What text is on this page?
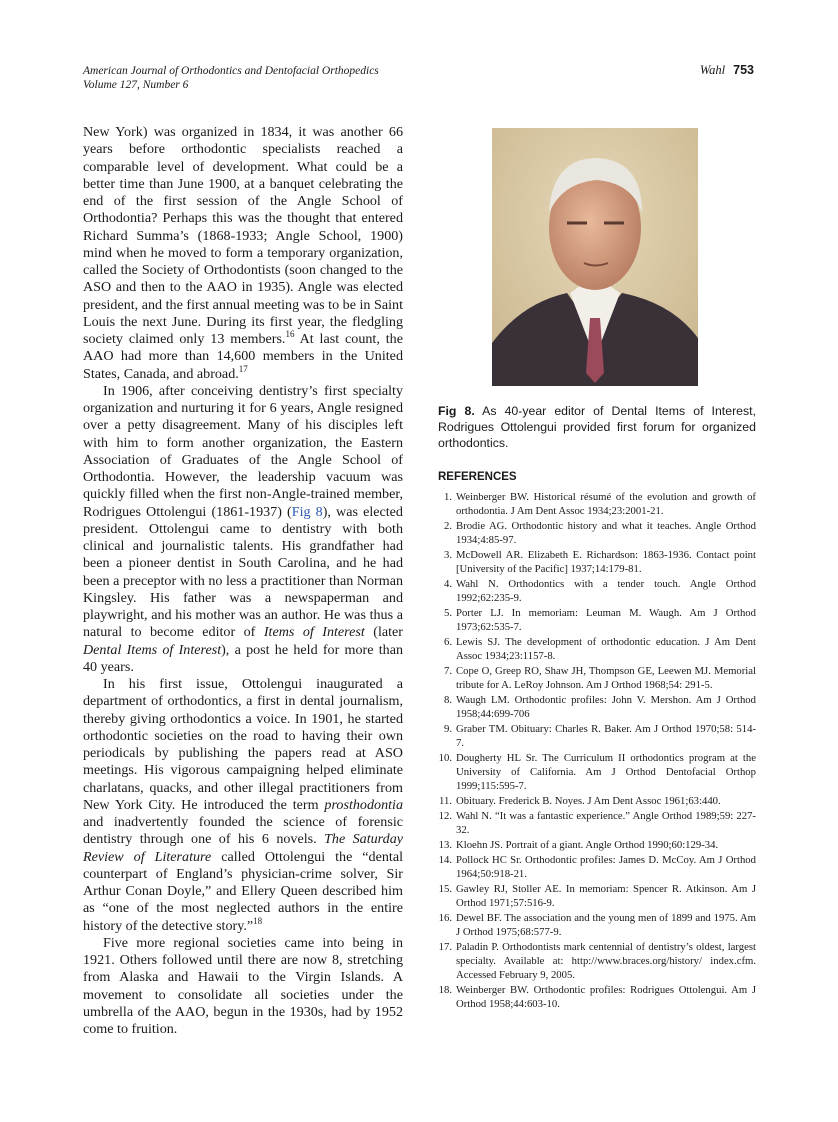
American Journal of Orthodontics and Dentofacial Orthopedics
Volume 127, Number 6
Wahl 753

New York) was organized in 1834, it was another 66 years before orthodontic specialists reached a comparable level of development. What could be a better time than June 1900, at a banquet celebrating the end of the first session of the Angle School of Orthodontia? Perhaps this was the thought that entered Richard Summa’s (1868-1933; Angle School, 1900) mind when he moved to form a temporary organization, called the Society of Orthodontists (soon changed to the ASO and then to the AAO in 1935). Angle was elected president, and the first annual meeting was to be in Saint Louis the next June. During its first year, the fledgling society claimed only 13 members.$^{16}$ At last count, the AAO had more than 14,600 members in the United States, Canada, and abroad.$^{17}$

In 1906, after conceiving dentistry’s first specialty organization and nurturing it for 6 years, Angle resigned over a petty disagreement. Many of his disciples left with him to form another organization, the Eastern Association of Graduates of the Angle School of Orthodontia. However, the leadership vacuum was quickly filled when the first non-Angle-trained member, Rodrigues Ottolengui (1861-1937) (Fig 8), was elected president. Ottolengui came to dentistry with both clinical and journalistic talents. His grandfather had been a pioneer dentist in South Carolina, and he had been a preceptor with no less a practitioner than Norman Kingsley. His father was a newspaperman and playwright, and his mother was an author. He was thus a natural to become editor of Items of Interest (later Dental Items of Interest), a post he held for more than 40 years.

In his first issue, Ottolengui inaugurated a department of orthodontics, a first in dental journalism, thereby giving orthodontics a voice. In 1901, he started orthodontic societies on the road to having their own periodicals by publishing the papers read at ASO meetings. His vigorous campaigning helped eliminate charlatans, quacks, and other illegal practitioners from New York City. He introduced the term prosthodontia and inadvertently founded the science of forensic dentistry through one of his 6 novels. The Saturday Review of Literature called Ottolengui the “dental counterpart of England’s physician-crime solver, Sir Arthur Conan Doyle,” and Ellery Queen described him as “one of the most neglected authors in the entire history of the detective story.”$^{18}$

Five more regional societies came into being in 1921. Others followed until there are now 8, stretching from Alaska and Hawaii to the Virgin Islands. A movement to consolidate all societies under the umbrella of the AAO, begun in the 1930s, had by 1952 come to fruition.

Fig 8. As 40-year editor of Dental Items of Interest, Rodrigues Ottolengui provided first forum for organized orthodontics.
REFERENCES
1. Weinberger BW. Historical résumé of the evolution and growth of orthodontia. J Am Dent Assoc 1934;23:2001-21.
2. Brodie AG. Orthodontic history and what it teaches. Angle Orthod 1934;4:85-97.
3. McDowell AR. Elizabeth E. Richardson: 1863-1936. Contact point [University of the Pacific] 1937;14:179-81.
4. Wahl N. Orthodontics with a tender touch. Angle Orthod 1992;62:235-9.
5. Porter LJ. In memoriam: Leuman M. Waugh. Am J Orthod 1973;62:535-7.
6. Lewis SJ. The development of orthodontic education. J Am Dent Assoc 1934;23:1157-8.
7. Cope O, Greep RO, Shaw JH, Thompson GE, Leewen MJ. Memorial tribute for A. LeRoy Johnson. Am J Orthod 1968;54: 291-5.
8. Waugh LM. Orthodontic profiles: John V. Mershon. Am J Orthod 1958;44:699-706
9. Graber TM. Obituary: Charles R. Baker. Am J Orthod 1970;58: 514-7.
10. Dougherty HL Sr. The Curriculum II orthodontics program at the University of California. Am J Orthod Dentofacial Orthop 1999;115:595-7.
11. Obituary. Frederick B. Noyes. J Am Dent Assoc 1961;63:440.
12. Wahl N. “It was a fantastic experience.” Angle Orthod 1989;59: 227-32.
13. Kloehn JS. Portrait of a giant. Angle Orthod 1990;60:129-34.
14. Pollock HC Sr. Orthodontic profiles: James D. McCoy. Am J Orthod 1964;50:918-21.
15. Gawley RJ, Stoller AE. In memoriam: Spencer R. Atkinson. Am J Orthod 1971;57:516-9.
16. Dewel BF. The association and the young men of 1899 and 1975. Am J Orthod 1975;68:577-9.
17. Paladin P. Orthodontists mark centennial of dentistry’s oldest, largest specialty. Available at: http://www.braces.org/history/ index.cfm. Accessed February 9, 2005.
18. Weinberger BW. Orthodontic profiles: Rodrigues Ottolengui. Am J Orthod 1958;44:603-10.
